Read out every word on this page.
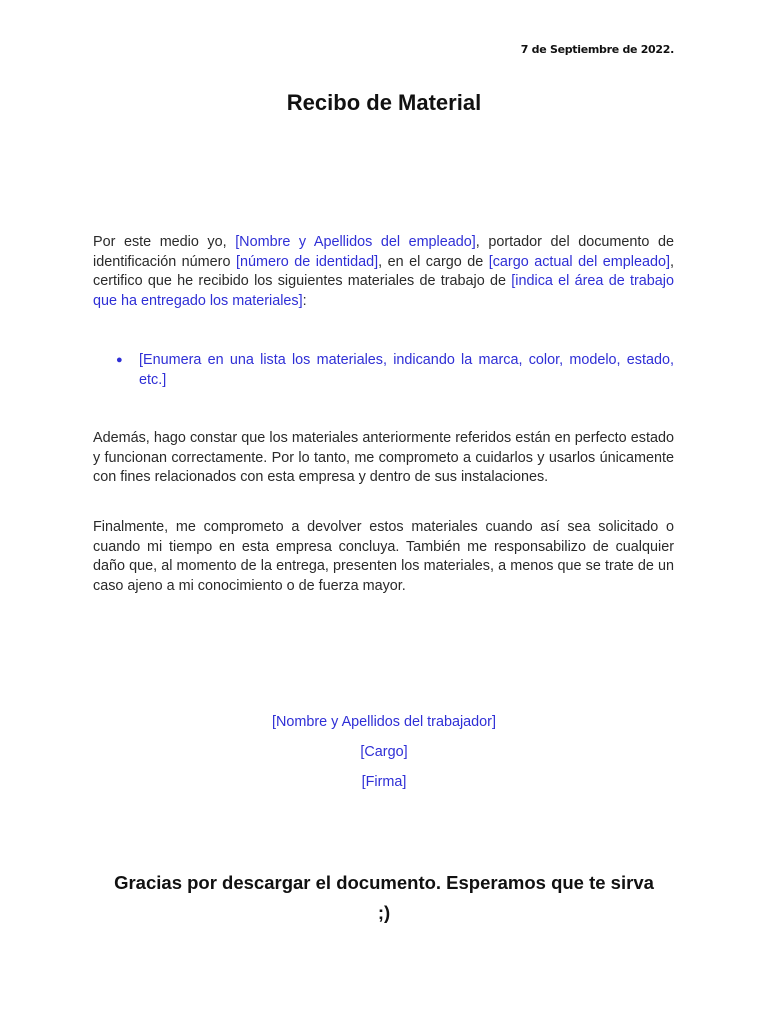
7 de Septiembre de 2022.
Recibo de Material
Por este medio yo, [Nombre y Apellidos del empleado], portador del documento de identificación número [número de identidad], en el cargo de [cargo actual del empleado], certifico que he recibido los siguientes materiales de trabajo de [indica el área de trabajo que ha entregado los materiales]:
●	[Enumera en una lista los materiales, indicando la marca, color, modelo, estado, etc.]
Además, hago constar que los materiales anteriormente referidos están en perfecto estado y funcionan correctamente. Por lo tanto, me comprometo a cuidarlos y usarlos únicamente con fines relacionados con esta empresa y dentro de sus instalaciones.
Finalmente, me comprometo a devolver estos materiales cuando así sea solicitado o cuando mi tiempo en esta empresa concluya. También me responsabilizo de cualquier daño que, al momento de la entrega, presenten los materiales, a menos que se trate de un caso ajeno a mi conocimiento o de fuerza mayor.
[Nombre y Apellidos del trabajador]
[Cargo]
[Firma]
Gracias por descargar el documento. Esperamos que te sirva ;)
